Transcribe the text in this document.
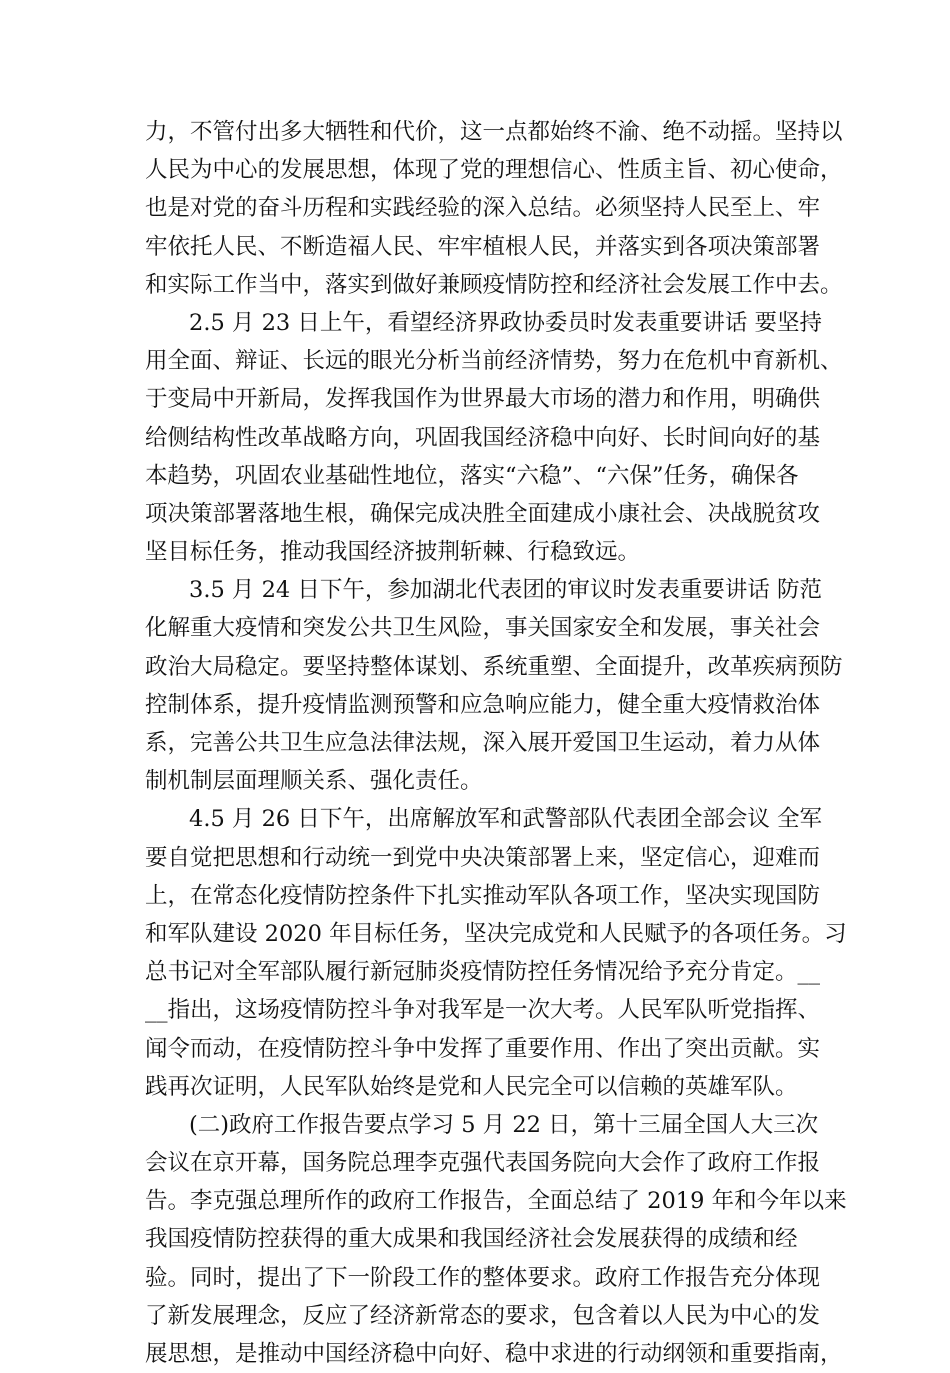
力，不管付出多大牺牲和代价，这一点都始终不渝、绝不动摇。坚持以
人民为中心的发展思想，体现了党的理想信心、性质主旨、初心使命，
也是对党的奋斗历程和实践经验的深入总结。必须坚持人民至上、牢
牢依托人民、不断造福人民、牢牢植根人民，并落实到各项决策部署
和实际工作当中，落实到做好兼顾疫情防控和经济社会发展工作中去。
2.5 月 23 日上午，看望经济界政协委员时发表重要讲话 要坚持
用全面、辩证、长远的眼光分析当前经济情势，努力在危机中育新机、
于变局中开新局，发挥我国作为世界最大市场的潜力和作用，明确供
给侧结构性改革战略方向，巩固我国经济稳中向好、长时间向好的基
本趋势，巩固农业基础性地位，落实“六稳”、“六保”任务，确保各
项决策部署落地生根，确保完成决胜全面建成小康社会、决战脱贫攻
坚目标任务，推动我国经济披荆斩棘、行稳致远。
3.5 月 24 日下午，参加湖北代表团的审议时发表重要讲话 防范
化解重大疫情和突发公共卫生风险，事关国家安全和发展，事关社会
政治大局稳定。要坚持整体谋划、系统重塑、全面提升，改革疾病预防
控制体系，提升疫情监测预警和应急响应能力，健全重大疫情救治体
系，完善公共卫生应急法律法规，深入展开爱国卫生运动，着力从体
制机制层面理顺关系、强化责任。
4.5 月 26 日下午，出席解放军和武警部队代表团全部会议 全军
要自觉把思想和行动统一到党中央决策部署上来，坚定信心，迎难而
上，在常态化疫情防控条件下扎实推动军队各项工作，坚决实现国防
和军队建设 2020 年目标任务，坚决完成党和人民赋予的各项任务。习
总书记对全军部队履行新冠肺炎疫情防控任务情况给予充分肯定。__
__指出，这场疫情防控斗争对我军是一次大考。人民军队听党指挥、
闻令而动，在疫情防控斗争中发挥了重要作用、作出了突出贡献。实
践再次证明，人民军队始终是党和人民完全可以信赖的英雄军队。
(二)政府工作报告要点学习 5 月 22 日，第十三届全国人大三次
会议在京开幕，国务院总理李克强代表国务院向大会作了政府工作报
告。李克强总理所作的政府工作报告，全面总结了 2019 年和今年以来
我国疫情防控获得的重大成果和我国经济社会发展获得的成绩和经
验。同时，提出了下一阶段工作的整体要求。政府工作报告充分体现
了新发展理念，反应了经济新常态的要求，包含着以人民为中心的发
展思想，是推动中国经济稳中向好、稳中求进的行动纲领和重要指南，
